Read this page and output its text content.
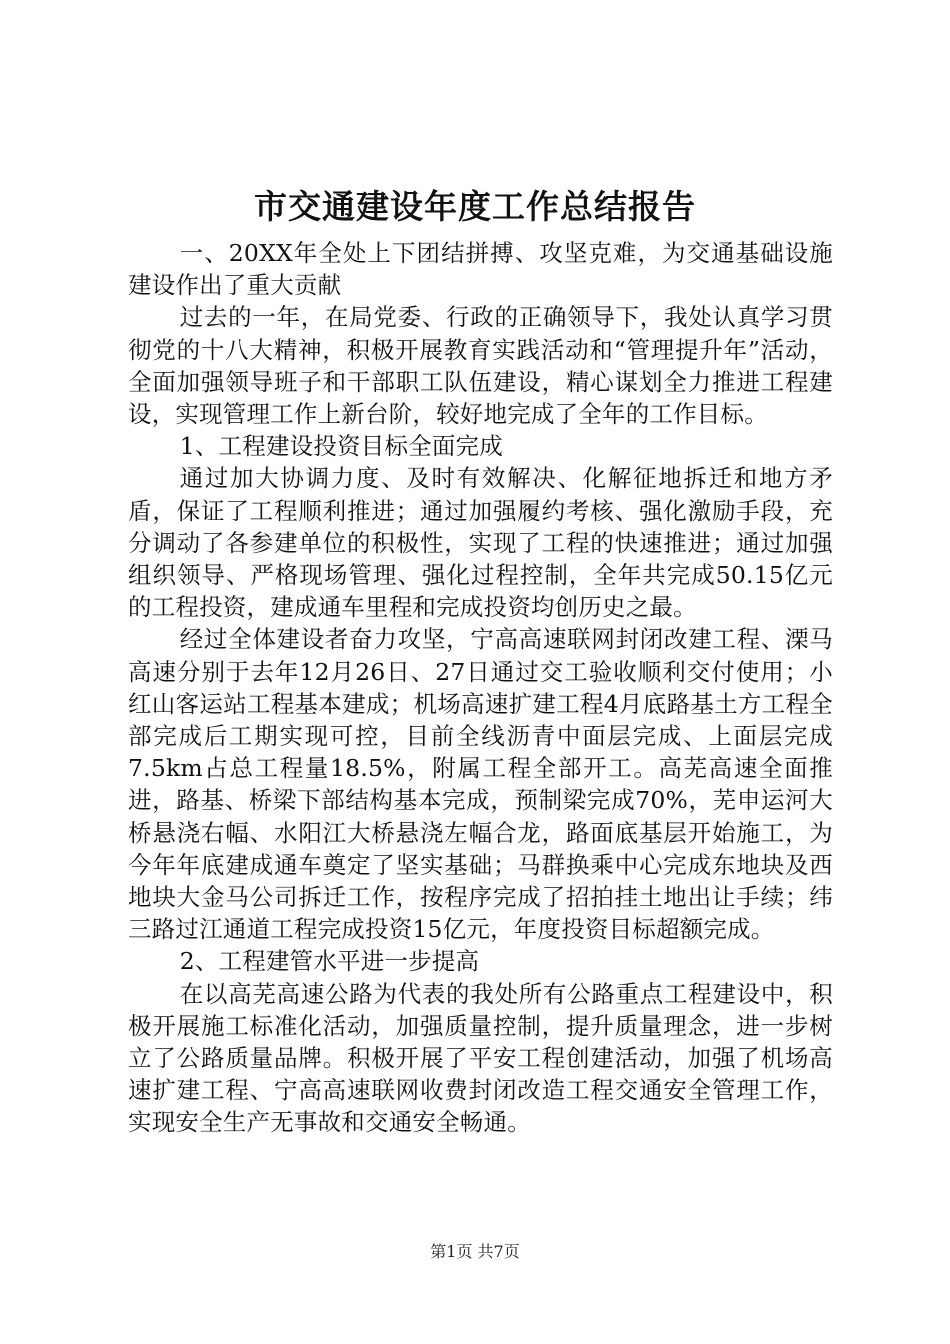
市交通建设年度工作总结报告

一、20XX年全处上下团结拼搏、攻坚克难，为交通基础设施建设作出了重大贡献

过去的一年，在局党委、行政的正确领导下，我处认真学习贯彻党的十八大精神，积极开展教育实践活动和“管理提升年”活动，全面加强领导班子和干部职工队伍建设，精心谋划全力推进工程建设，实现管理工作上新台阶，较好地完成了全年的工作目标。

1、工程建设投资目标全面完成

通过加大协调力度、及时有效解决、化解征地拆迁和地方矛盾，保证了工程顺利推进；通过加强履约考核、强化激励手段，充分调动了各参建单位的积极性，实现了工程的快速推进；通过加强组织领导、严格现场管理、强化过程控制，全年共完成50.15亿元的工程投资，建成通车里程和完成投资均创历史之最。

经过全体建设者奋力攻坚，宁高高速联网封闭改建工程、溧马高速分别于去年12月26日、27日通过交工验收顺利交付使用；小红山客运站工程基本建成；机场高速扩建工程4月底路基土方工程全部完成后工期实现可控，目前全线沥青中面层完成、上面层完成7.5km占总工程量18.5%，附属工程全部开工。高芜高速全面推进，路基、桥梁下部结构基本完成，预制梁完成70%，芜申运河大桥悬浇右幅、水阳江大桥悬浇左幅合龙，路面底基层开始施工，为今年年底建成通车奠定了坚实基础；马群换乘中心完成东地块及西地块大金马公司拆迁工作，按程序完成了招拍挂土地出让手续；纬三路过江通道工程完成投资15亿元，年度投资目标超额完成。

2、工程建管水平进一步提高

在以高芜高速公路为代表的我处所有公路重点工程建设中，积极开展施工标准化活动，加强质量控制，提升质量理念，进一步树立了公路质量品牌。积极开展了平安工程创建活动，加强了机场高速扩建工程、宁高高速联网收费封闭改造工程交通安全管理工作，实现安全生产无事故和交通安全畅通。

第1页 共7页
